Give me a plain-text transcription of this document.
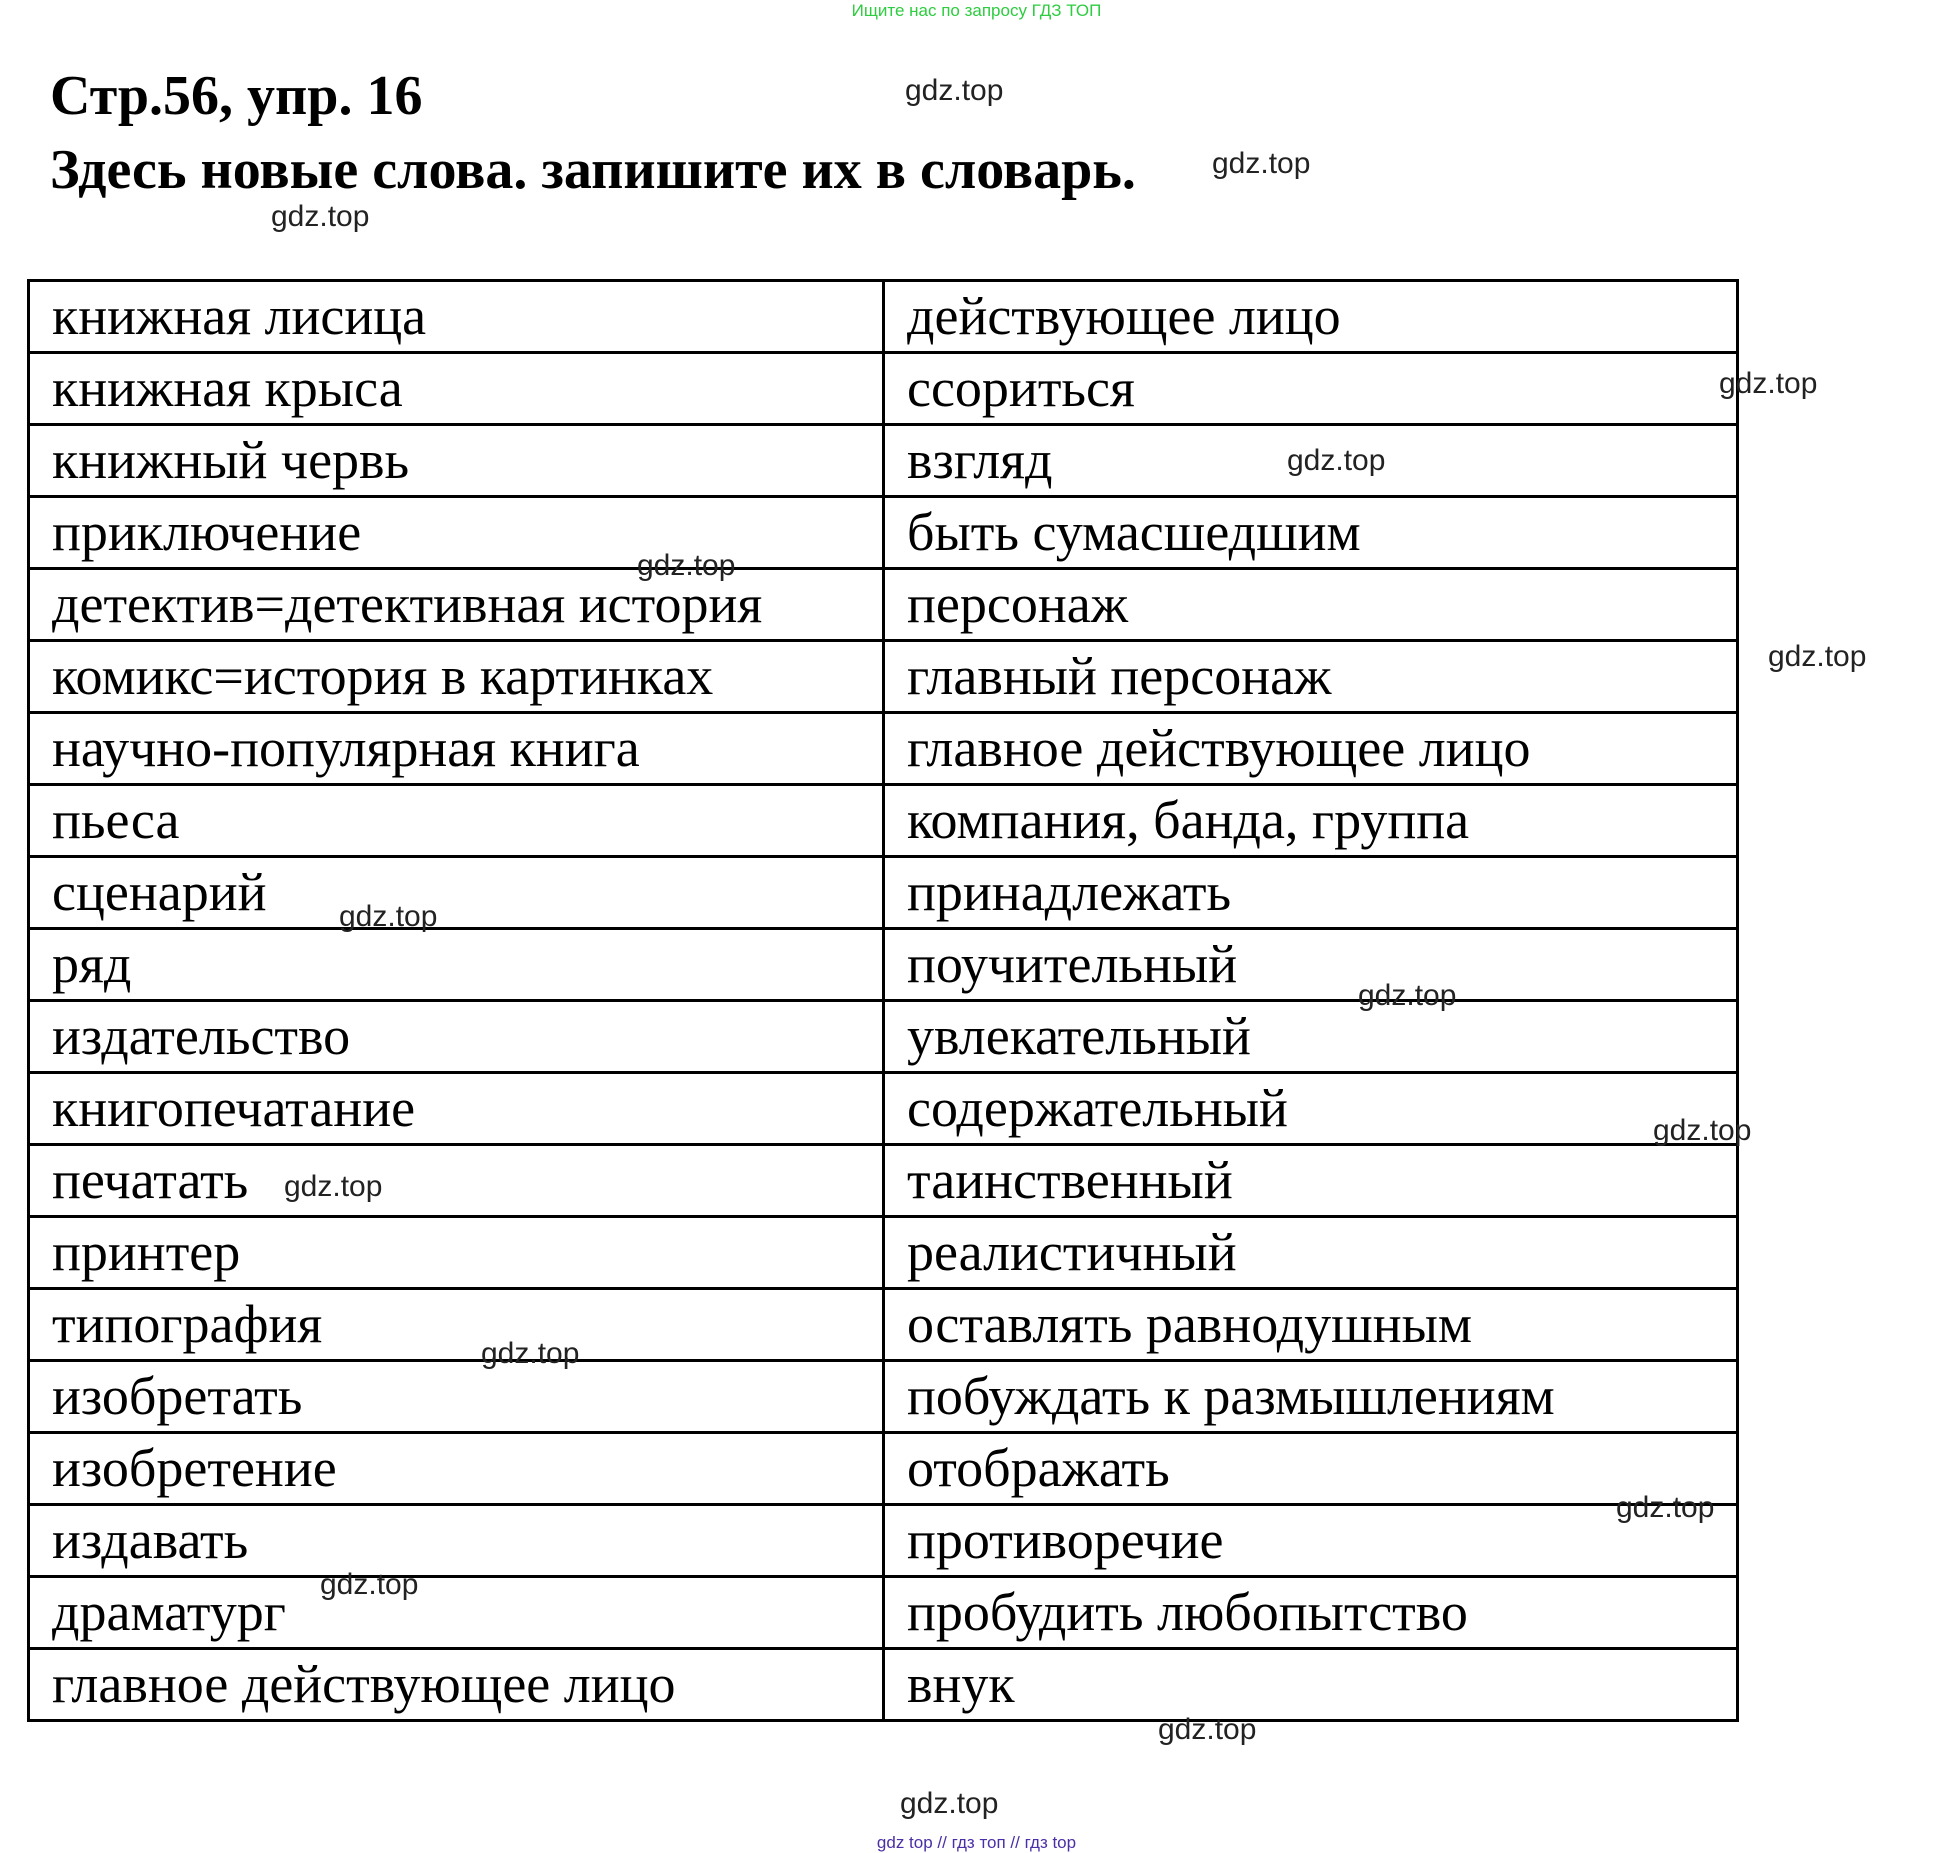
Ищите нас по запросу ГДЗ ТОП
Стр.56, упр. 16
Здесь новые слова. запишите их в словарь.
книжная лисица	действующее лицо
книжная крыса	ссориться
книжный червь	взгляд
приключение	быть сумасшедшим
детектив=детективная история	персонаж
комикс=история в картинках	главный персонаж
научно-популярная книга	главное действующее лицо
пьеса	компания, банда, группа
сценарий	принадлежать
ряд	поучительный
издательство	увлекательный
книгопечатание	содержательный
печатать	таинственный
принтер	реалистичный
типография	оставлять равнодушным
изобретать	побуждать к размышлениям
изобретение	отображать
издавать	противоречие
драматург	пробудить любопытство
главное действующее лицо	внук
gdz.top
gdz.top
gdz.top
gdz.top
gdz.top
gdz.top
gdz.top
gdz.top
gdz.top
gdz.top
gdz.top
gdz.top
gdz.top
gdz.top
gdz.top
gdz.top
gdz top // гдз топ // гдз top
